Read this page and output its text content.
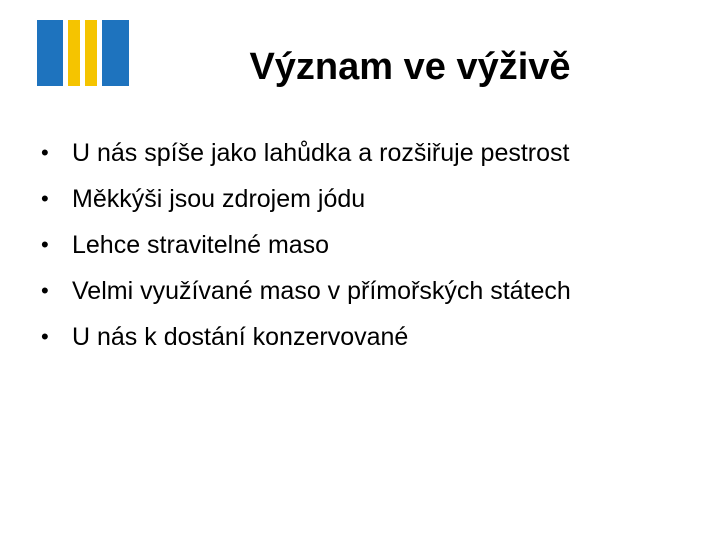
Význam ve výživě
• U nás spíše jako lahůdka a rozšiřuje pestrost
• Měkkýši jsou zdrojem jódu
• Lehce stravitelné maso
• Velmi využívané maso v přímořských státech
• U nás k dostání konzervované
